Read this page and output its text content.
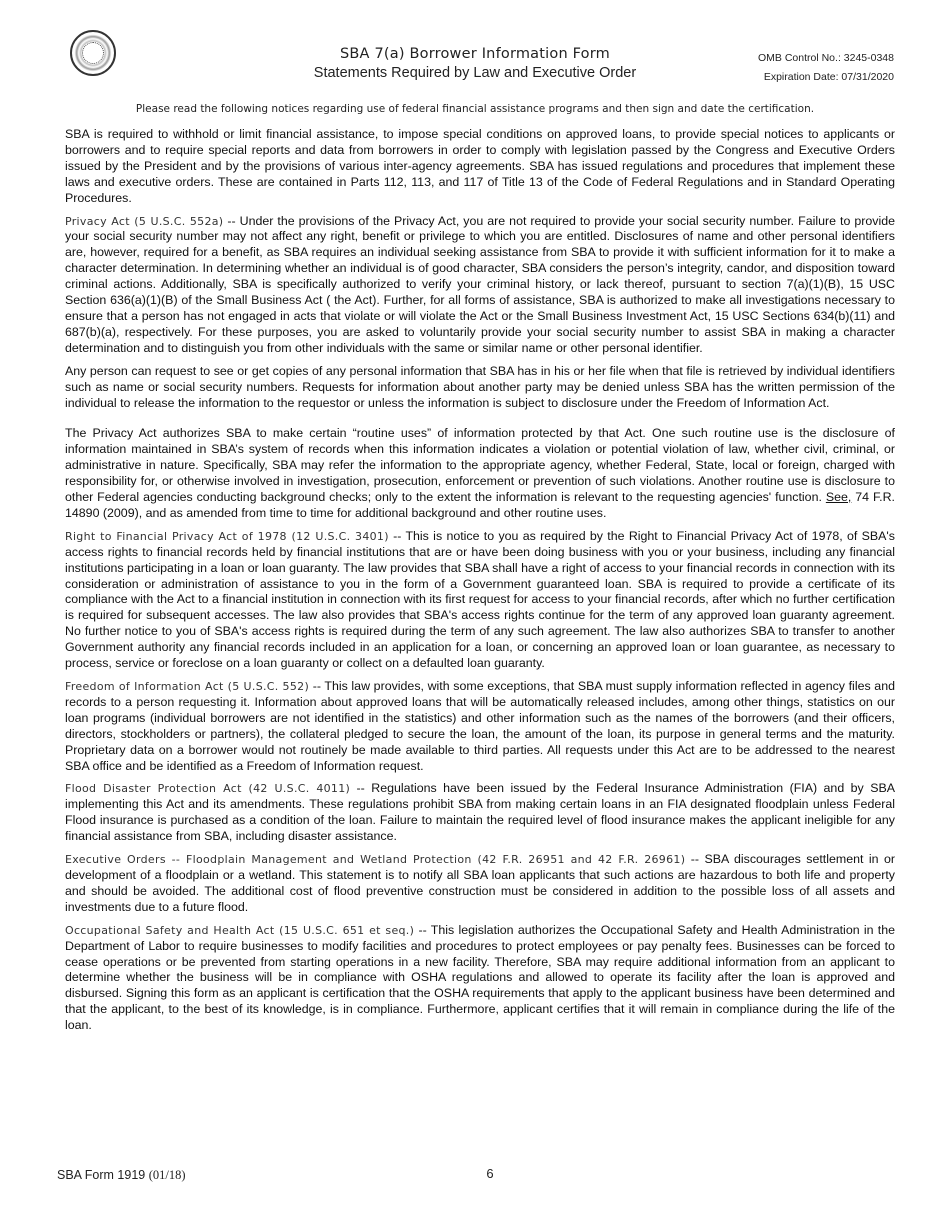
SBA 7(a) Borrower Information Form
Statements Required by Law and Executive Order
OMB Control No.: 3245-0348
Expiration Date: 07/31/2020
Please read the following notices regarding use of federal financial assistance programs and then sign and date the certification.

SBA is required to withhold or limit financial assistance, to impose special conditions on approved loans, to provide special notices to applicants or borrowers and to require special reports and data from borrowers in order to comply with legislation passed by the Congress and Executive Orders issued by the President and by the provisions of various inter-agency agreements. SBA has issued regulations and procedures that implement these laws and executive orders. These are contained in Parts 112, 113, and 117 of Title 13 of the Code of Federal Regulations and in Standard Operating Procedures.

Privacy Act (5 U.S.C. 552a) -- Under the provisions of the Privacy Act, you are not required to provide your social security number. Failure to provide your social security number may not affect any right, benefit or privilege to which you are entitled. Disclosures of name and other personal identifiers are, however, required for a benefit, as SBA requires an individual seeking assistance from SBA to provide it with sufficient information for it to make a character determination. In determining whether an individual is of good character, SBA considers the person’s integrity, candor, and disposition toward criminal actions. Additionally, SBA is specifically authorized to verify your criminal history, or lack thereof, pursuant to section 7(a)(1)(B), 15 USC Section 636(a)(1)(B) of the Small Business Act ( the Act). Further, for all forms of assistance, SBA is authorized to make all investigations necessary to ensure that a person has not engaged in acts that violate or will violate the Act or the Small Business Investment Act, 15 USC Sections 634(b)(11) and 687(b)(a), respectively. For these purposes, you are asked to voluntarily provide your social security number to assist SBA in making a character determination and to distinguish you from other individuals with the same or similar name or other personal identifier.

Any person can request to see or get copies of any personal information that SBA has in his or her file when that file is retrieved by individual identifiers such as name or social security numbers. Requests for information about another party may be denied unless SBA has the written permission of the individual to release the information to the requestor or unless the information is subject to disclosure under the Freedom of Information Act.

The Privacy Act authorizes SBA to make certain “routine uses” of information protected by that Act. One such routine use is the disclosure of information maintained in SBA’s system of records when this information indicates a violation or potential violation of law, whether civil, criminal, or administrative in nature. Specifically, SBA may refer the information to the appropriate agency, whether Federal, State, local or foreign, charged with responsibility for, or otherwise involved in investigation, prosecution, enforcement or prevention of such violations. Another routine use is disclosure to other Federal agencies conducting background checks; only to the extent the information is relevant to the requesting agencies' function. See, 74 F.R. 14890 (2009), and as amended from time to time for additional background and other routine uses.

Right to Financial Privacy Act of 1978 (12 U.S.C. 3401) -- This is notice to you as required by the Right to Financial Privacy Act of 1978, of SBA's access rights to financial records held by financial institutions that are or have been doing business with you or your business, including any financial institutions participating in a loan or loan guaranty. The law provides that SBA shall have a right of access to your financial records in connection with its consideration or administration of assistance to you in the form of a Government guaranteed loan. SBA is required to provide a certificate of its compliance with the Act to a financial institution in connection with its first request for access to your financial records, after which no further certification is required for subsequent accesses. The law also provides that SBA's access rights continue for the term of any approved loan guaranty agreement. No further notice to you of SBA's access rights is required during the term of any such agreement. The law also authorizes SBA to transfer to another Government authority any financial records included in an application for a loan, or concerning an approved loan or loan guarantee, as necessary to process, service or foreclose on a loan guaranty or collect on a defaulted loan guaranty.

Freedom of Information Act (5 U.S.C. 552) -- This law provides, with some exceptions, that SBA must supply information reflected in agency files and records to a person requesting it. Information about approved loans that will be automatically released includes, among other things, statistics on our loan programs (individual borrowers are not identified in the statistics) and other information such as the names of the borrowers (and their officers, directors, stockholders or partners), the collateral pledged to secure the loan, the amount of the loan, its purpose in general terms and the maturity. Proprietary data on a borrower would not routinely be made available to third parties. All requests under this Act are to be addressed to the nearest SBA office and be identified as a Freedom of Information request.

Flood Disaster Protection Act (42 U.S.C. 4011) -- Regulations have been issued by the Federal Insurance Administration (FIA) and by SBA implementing this Act and its amendments. These regulations prohibit SBA from making certain loans in an FIA designated floodplain unless Federal Flood insurance is purchased as a condition of the loan. Failure to maintain the required level of flood insurance makes the applicant ineligible for any financial assistance from SBA, including disaster assistance.

Executive Orders -- Floodplain Management and Wetland Protection (42 F.R. 26951 and 42 F.R. 26961) -- SBA discourages settlement in or development of a floodplain or a wetland. This statement is to notify all SBA loan applicants that such actions are hazardous to both life and property and should be avoided. The additional cost of flood preventive construction must be considered in addition to the possible loss of all assets and investments due to a future flood.

Occupational Safety and Health Act (15 U.S.C. 651 et seq.) -- This legislation authorizes the Occupational Safety and Health Administration in the Department of Labor to require businesses to modify facilities and procedures to protect employees or pay penalty fees. Businesses can be forced to cease operations or be prevented from starting operations in a new facility. Therefore, SBA may require additional information from an applicant to determine whether the business will be in compliance with OSHA regulations and allowed to operate its facility after the loan is approved and disbursed. Signing this form as an applicant is certification that the OSHA requirements that apply to the applicant business have been determined and that the applicant, to the best of its knowledge, is in compliance. Furthermore, applicant certifies that it will remain in compliance during the life of the loan.

SBA Form 1919 (01/18)	6
